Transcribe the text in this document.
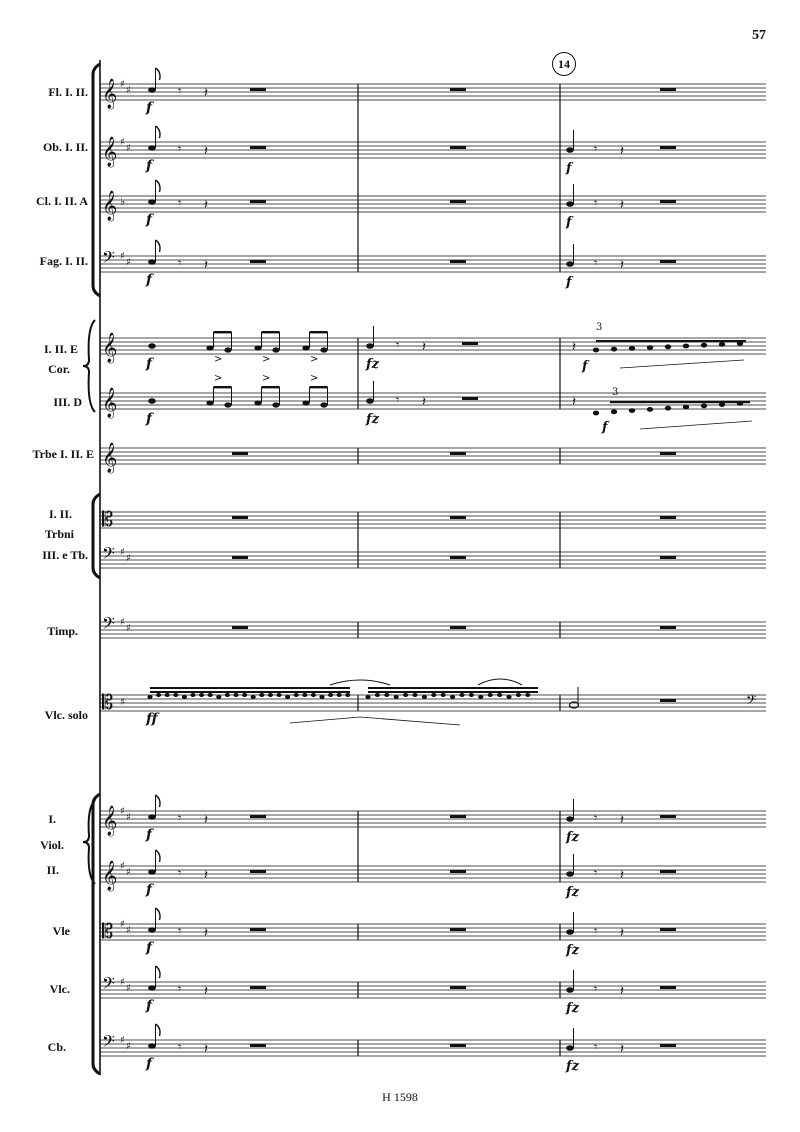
57
14
Fl. I. II.
Ob. I. II.
Cl. I. II. A
Fag. I. II.
I. II. E
Cor.
III. D
Trbe I. II. E
I. II.
Trbni
III. e Tb.
Timp.
Vlc. solo
I.
Viol.
II.
Vle
Vlc.
Cb.
𝄞
𝄞
𝄞
𝄢
𝄞
𝄞
𝄞
𝄡
𝄢
𝄢
𝄡
𝄞
𝄞
𝄡
𝄢
𝄢
♯
♯
♯
♯
♯
♯
♯
♯
♯
♯
♯
♯
♯
♯
♯
♯
♯
♯
♯
♯
♭
♯
𝄾 𝄽
f
𝄾 𝄽
f
𝄾 𝄽
f
𝄾 𝄽
f
𝄾 𝄽
f
𝄾 𝄽
f
𝄾 𝄽
f
𝄾 𝄽
f
𝄾 𝄽
f
𝄾 𝄽
f
𝄾 𝄽
f
𝄾 𝄽
f
𝄾 𝄽
fz
𝄾 𝄽
fz
𝄾 𝄽
fz
𝄾 𝄽
fz
𝄾 𝄽
fz
f
f
>
>
>
>
>
>
𝄾 𝄽
fz
𝄽
𝄾 𝄽
fz
𝄽
3
3
f
f
ff
𝄢
H 1598
